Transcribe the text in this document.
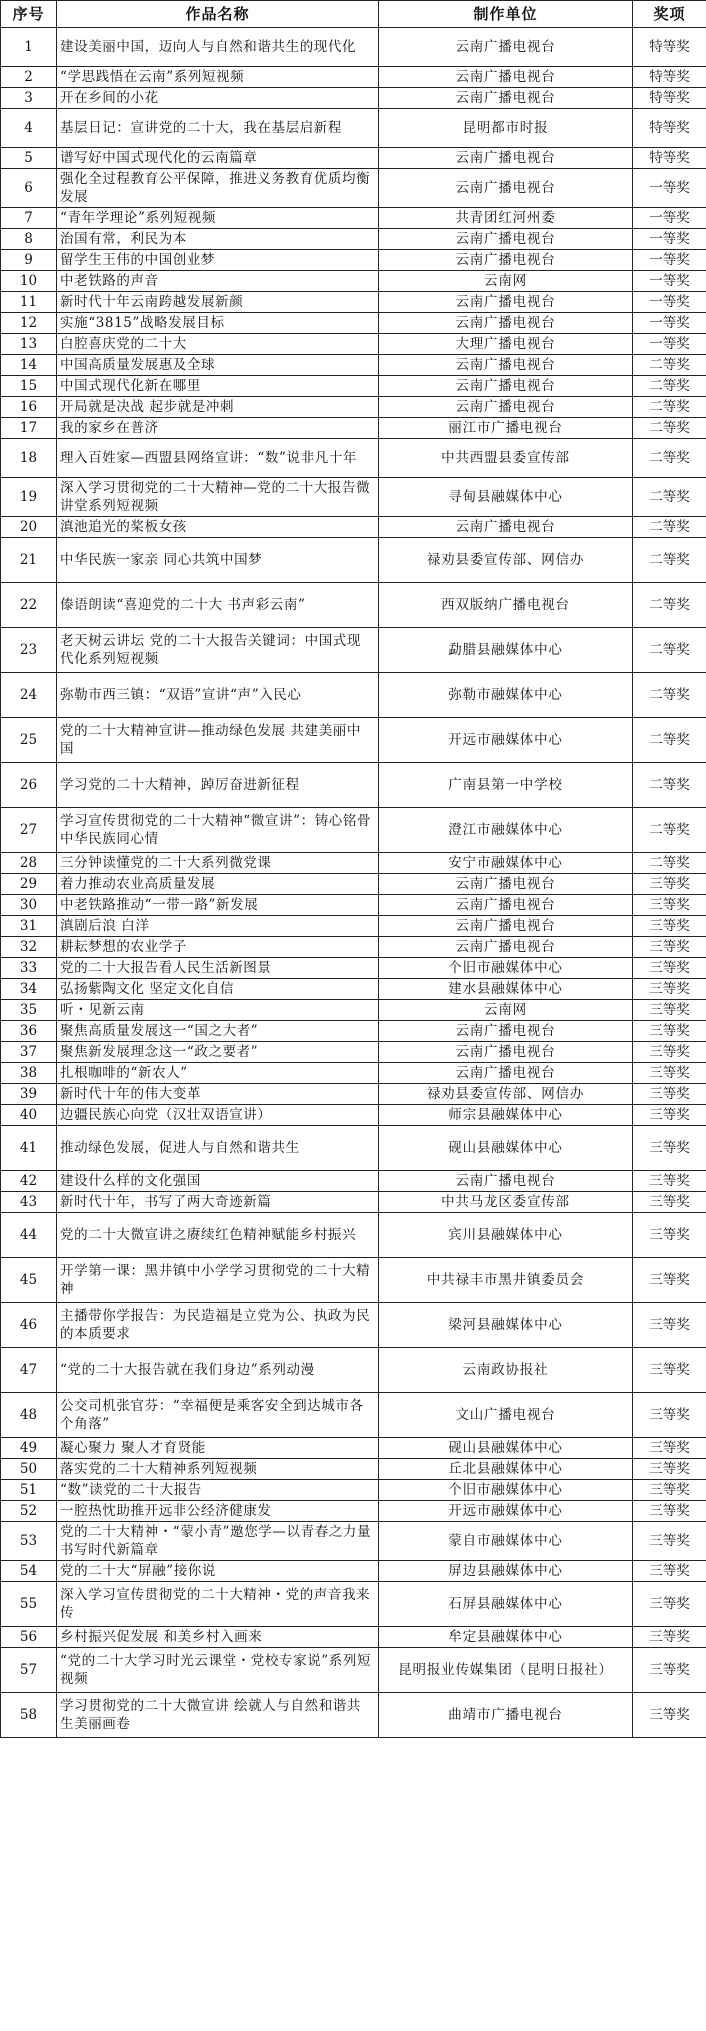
序号	作品名称	制作单位	奖项
1	建设美丽中国，迈向人与自然和谐共生的现代化	云南广播电视台	特等奖
2	“学思践悟在云南”系列短视频	云南广播电视台	特等奖
3	开在乡间的小花	云南广播电视台	特等奖
4	基层日记：宣讲党的二十大，我在基层启新程	昆明都市时报	特等奖
5	谱写好中国式现代化的云南篇章	云南广播电视台	特等奖
6	强化全过程教育公平保障，推进义务教育优质均衡发展	云南广播电视台	一等奖
7	“青年学理论”系列短视频	共青团红河州委	一等奖
8	治国有常，利民为本	云南广播电视台	一等奖
9	留学生王伟的中国创业梦	云南广播电视台	一等奖
10	中老铁路的声音	云南网	一等奖
11	新时代十年云南跨越发展新颜	云南广播电视台	一等奖
12	实施“3815”战略发展目标	云南广播电视台	一等奖
13	白腔喜庆党的二十大	大理广播电视台	一等奖
14	中国高质量发展惠及全球	云南广播电视台	二等奖
15	中国式现代化新在哪里	云南广播电视台	二等奖
16	开局就是决战 起步就是冲刺	云南广播电视台	二等奖
17	我的家乡在普济	丽江市广播电视台	二等奖
18	理入百姓家—西盟县网络宣讲：“数”说非凡十年	中共西盟县委宣传部	二等奖
19	深入学习贯彻党的二十大精神—党的二十大报告微讲堂系列短视频	寻甸县融媒体中心	二等奖
20	滇池追光的桨板女孩	云南广播电视台	二等奖
21	中华民族一家亲 同心共筑中国梦	禄劝县委宣传部、网信办	二等奖
22	傣语朗读“喜迎党的二十大 书声彩云南”	西双版纳广播电视台	二等奖
23	老天树云讲坛 党的二十大报告关键词：中国式现代化系列短视频	勐腊县融媒体中心	二等奖
24	弥勒市西三镇：“双语”宣讲“声”入民心	弥勒市融媒体中心	二等奖
25	党的二十大精神宣讲—推动绿色发展 共建美丽中国	开远市融媒体中心	二等奖
26	学习党的二十大精神，踔厉奋进新征程	广南县第一中学校	二等奖
27	学习宣传贯彻党的二十大精神“微宣讲”：铸心铭骨中华民族同心情	澄江市融媒体中心	二等奖
28	三分钟读懂党的二十大系列微党课	安宁市融媒体中心	二等奖
29	着力推动农业高质量发展	云南广播电视台	三等奖
30	中老铁路推动“一带一路”新发展	云南广播电视台	三等奖
31	滇剧后浪 白洋	云南广播电视台	三等奖
32	耕耘梦想的农业学子	云南广播电视台	三等奖
33	党的二十大报告看人民生活新图景	个旧市融媒体中心	三等奖
34	弘扬紫陶文化 坚定文化自信	建水县融媒体中心	三等奖
35	听・见新云南	云南网	三等奖
36	聚焦高质量发展这一“国之大者”	云南广播电视台	三等奖
37	聚焦新发展理念这一“政之要者”	云南广播电视台	三等奖
38	扎根咖啡的“新农人”	云南广播电视台	三等奖
39	新时代十年的伟大变革	禄劝县委宣传部、网信办	三等奖
40	边疆民族心向党（汉壮双语宣讲）	师宗县融媒体中心	三等奖
41	推动绿色发展，促进人与自然和谐共生	砚山县融媒体中心	三等奖
42	建设什么样的文化强国	云南广播电视台	三等奖
43	新时代十年，书写了两大奇迹新篇	中共马龙区委宣传部	三等奖
44	党的二十大微宣讲之赓续红色精神赋能乡村振兴	宾川县融媒体中心	三等奖
45	开学第一课：黑井镇中小学学习贯彻党的二十大精神	中共禄丰市黑井镇委员会	三等奖
46	主播带你学报告：为民造福是立党为公、执政为民的本质要求	梁河县融媒体中心	三等奖
47	“党的二十大报告就在我们身边”系列动漫	云南政协报社	三等奖
48	公交司机张官芬：“幸福便是乘客安全到达城市各个角落”	文山广播电视台	三等奖
49	凝心聚力 聚人才育贤能	砚山县融媒体中心	三等奖
50	落实党的二十大精神系列短视频	丘北县融媒体中心	三等奖
51	“数”读党的二十大报告	个旧市融媒体中心	三等奖
52	一腔热忱助推开远非公经济健康发	开远市融媒体中心	三等奖
53	党的二十大精神・“蒙小青”邀您学—以青春之力量书写时代新篇章	蒙自市融媒体中心	三等奖
54	党的二十大“屏融”接你说	屏边县融媒体中心	三等奖
55	深入学习宣传贯彻党的二十大精神・党的声音我来传	石屏县融媒体中心	三等奖
56	乡村振兴促发展 和美乡村入画来	牟定县融媒体中心	三等奖
57	“党的二十大学习时光云课堂・党校专家说”系列短视频	昆明报业传媒集团（昆明日报社）	三等奖
58	学习贯彻党的二十大微宣讲 绘就人与自然和谐共生美丽画卷	曲靖市广播电视台	三等奖
